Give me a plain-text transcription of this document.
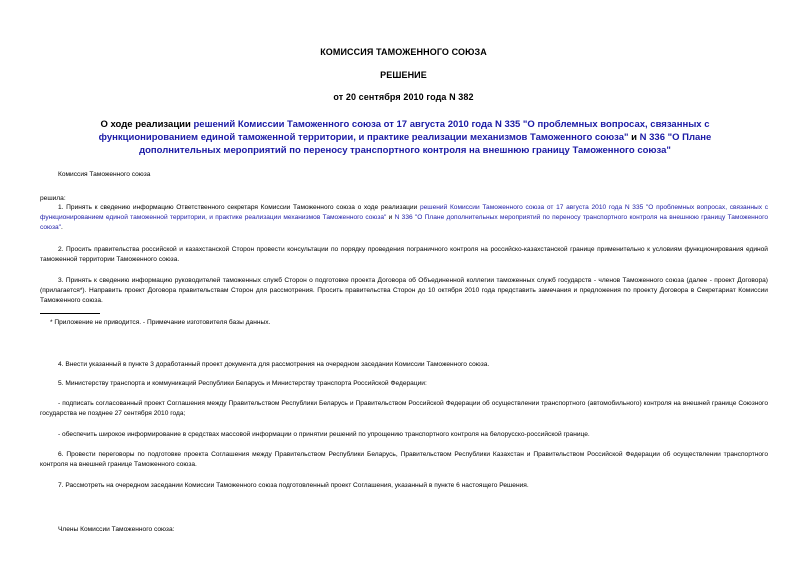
КОМИССИЯ ТАМОЖЕННОГО СОЮЗА
РЕШЕНИЕ
от 20 сентября 2010 года N 382
О ходе реализации решений Комиссии Таможенного союза от 17 августа 2010 года N 335 "О проблемных вопросах, связанных с функционированием единой таможенной территории, и практике реализации механизмов Таможенного союза" и N 336 "О Плане дополнительных мероприятий по переносу транспортного контроля на внешнюю границу Таможенного союза"
Комиссия Таможенного союза
решила:
1. Принять к сведению информацию Ответственного секретаря Комиссии Таможенного союза о ходе реализации решений Комиссии Таможенного союза от 17 августа 2010 года N 335 "О проблемных вопросах, связанных с функционированием единой таможенной территории, и практике реализации механизмов Таможенного союза" и N 336 "О Плане дополнительных мероприятий по переносу транспортного контроля на внешнюю границу Таможенного союза".
2. Просить правительства российской и казахстанской Сторон провести консультации по порядку проведения пограничного контроля на российско-казахстанской границе применительно к условиям функционирования единой таможенной территории Таможенного союза.
3. Принять к сведению информацию руководителей таможенных служб Сторон о подготовке проекта Договора об Объединенной коллегии таможенных служб государств - членов Таможенного союза (далее - проект Договора) (прилагается*). Направить проект Договора правительствам Сторон для рассмотрения. Просить правительства Сторон до 10 октября 2010 года представить замечания и предложения по проекту Договора в Секретариат Комиссии Таможенного союза.
* Приложение не приводится. - Примечание изготовителя базы данных.
4. Внести указанный в пункте 3 доработанный проект документа для рассмотрения на очередном заседании Комиссии Таможенного союза.
5. Министерству транспорта и коммуникаций Республики Беларусь и Министерству транспорта Российской Федерации:
- подписать согласованный проект Соглашения между Правительством Республики Беларусь и Правительством Российской Федерации об осуществлении транспортного (автомобильного) контроля на внешней границе Союзного государства не позднее 27 сентября 2010 года;
- обеспечить широкое информирование в средствах массовой информации о принятии решений по упрощению транспортного контроля на белорусско-российской границе.
6. Провести переговоры по подготовке проекта Соглашения между Правительством Республики Беларусь, Правительством Республики Казахстан и Правительством Российской Федерации об осуществлении транспортного контроля на внешней границе Таможенного союза.
7. Рассмотреть на очередном заседании Комиссии Таможенного союза подготовленный проект Соглашения, указанный в пункте 6 настоящего Решения.
Члены Комиссии Таможенного союза:
